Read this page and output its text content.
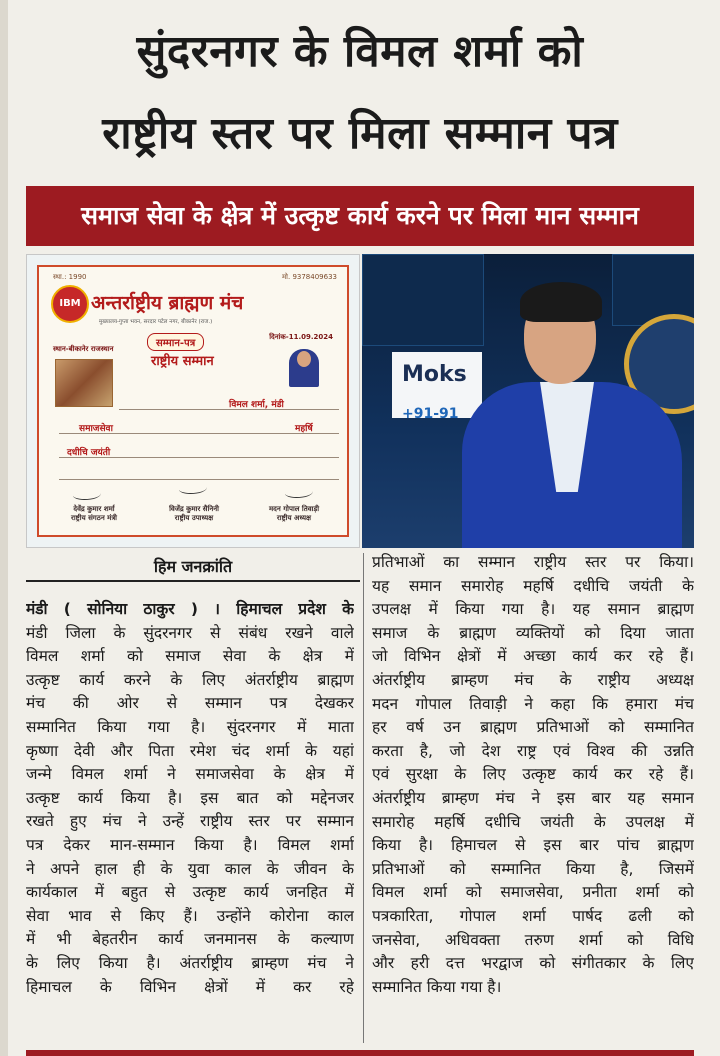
सुंदरनगर के विमल शर्मा को
राष्ट्रीय स्तर पर मिला सम्मान पत्र
समाज सेवा के क्षेत्र में उत्कृष्ट कार्य करने पर मिला मान सम्मान
स्था.: 1990	मो. 9378409633
IBM अन्तर्राष्ट्रीय ब्राह्मण मंच
मुख्यालय-गुप्ता भवन, सरदार पटेल नगर, बीकानेर (राज.)
स्थान-बीकानेर राजस्थान	सम्मान-पत्र
दिनांक-11.09.2024
राष्ट्रीय सम्मान
विमल शर्मा, मंडी
समाजसेवा	महर्षि
दधीचि जयंती
देवेंद्र कुमार शर्मा
राष्ट्रीय संगठन मंत्री
विजेंद्र कुमार सैनिनी
राष्ट्रीय उपाध्यक्ष
मदन गोपाल तिवाड़ी
राष्ट्रीय अध्यक्ष
Moks
+91-91
हिम जनक्रांति
मंडी ( सोनिया ठाकुर ) । हिमाचल प्रदेश के
मंडी जिला के सुंदरनगर से संबंध रखने वाले
विमल शर्मा को समाज सेवा के क्षेत्र में
उत्कृष्ट कार्य करने के लिए अंतर्राष्ट्रीय ब्राह्मण
मंच की ओर से सम्मान पत्र देखकर
सम्मानित किया गया है। सुंदरनगर में माता
कृष्णा देवी और पिता रमेश चंद शर्मा के यहां
जन्मे विमल शर्मा ने समाजसेवा के क्षेत्र में
उत्कृष्ट कार्य किया है। इस बात को मद्देनजर
रखते हुए मंच ने उन्हें राष्ट्रीय स्तर पर सम्मान
पत्र देकर मान-सम्मान किया है। विमल शर्मा
ने अपने हाल ही के युवा काल के जीवन के
कार्यकाल में बहुत से उत्कृष्ट कार्य जनहित में
सेवा भाव से किए हैं। उन्होंने कोरोना काल
में भी बेहतरीन कार्य जनमानस के कल्याण
के लिए किया है। अंतर्राष्ट्रीय ब्राम्हण मंच ने
हिमाचल के विभिन क्षेत्रों में कर रहे
प्रतिभाओं का सम्मान राष्ट्रीय स्तर पर किया।
यह समान समारोह महर्षि दधीचि जयंती के
उपलक्ष में किया गया है। यह समान ब्राह्मण
समाज के ब्राह्मण व्यक्तियों को दिया जाता
जो विभिन क्षेत्रों में अच्छा कार्य कर रहे हैं।
अंतर्राष्ट्रीय ब्राम्हण मंच के राष्ट्रीय अध्यक्ष
मदन गोपाल तिवाड़ी ने कहा कि हमारा मंच
हर वर्ष उन ब्राह्मण प्रतिभाओं को सम्मानित
करता है, जो देश राष्ट्र एवं विश्व की उन्नति
एवं सुरक्षा के लिए उत्कृष्ट कार्य कर रहे हैं।
अंतर्राष्ट्रीय ब्राम्हण मंच ने इस बार यह समान
समारोह महर्षि दधीचि जयंती के उपलक्ष में
किया है। हिमाचल से इस बार पांच ब्राह्मण
प्रतिभाओं को सम्मानित किया है, जिसमें
विमल शर्मा को समाजसेवा, प्रनीता शर्मा को
पत्रकारिता, गोपाल शर्मा पार्षद ढली को
जनसेवा, अधिवक्ता तरुण शर्मा को विधि
और हरी दत्त भरद्वाज को संगीतकार के लिए
सम्मानित किया गया है।
